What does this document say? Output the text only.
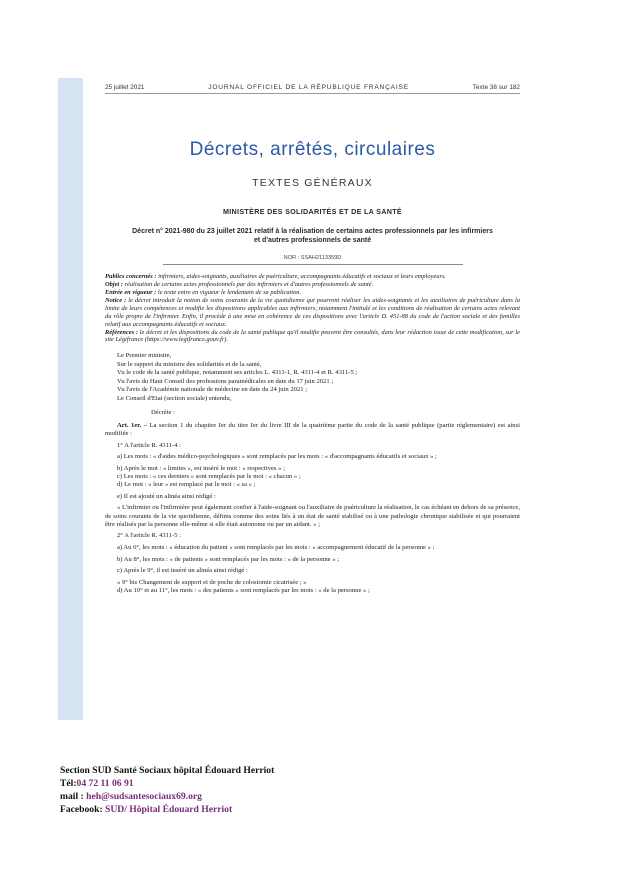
25 juillet 2021	JOURNAL OFFICIEL DE LA RÉPUBLIQUE FRANÇAISE	Texte 38 sur 182
Décrets, arrêtés, circulaires
TEXTES GÉNÉRAUX
MINISTÈRE DES SOLIDARITÉS ET DE LA SANTÉ
Décret n° 2021-980 du 23 juillet 2021 relatif à la réalisation de certains actes professionnels par les infirmiers et d'autres professionnels de santé
NOR : SSAH2113359D

Publics concernés : infirmiers, aides-soignants, auxiliaires de puériculture, accompagnants éducatifs et sociaux et leurs employeurs.

Objet : réalisation de certains actes professionnels par des infirmiers et d'autres professionnels de santé.

Entrée en vigueur : le texte entre en vigueur le lendemain de sa publication.

Notice : le décret introduit la notion de soins courants de la vie quotidienne qui pourront réaliser les aides-soignants et les auxiliaires de puériculture dans la limite de leurs compétences et modifie les dispositions applicables aux infirmiers, notamment l'intitulé et les conditions de réalisation de certains actes relevant du rôle propre de l'infirmier. Enfin, il procède à une mise en cohérence de ces dispositions avec l'article D. 451-88 du code de l'action sociale et des familles relatif aux accompagnants éducatifs et sociaux.

Références : le décret et les dispositions du code de la santé publique qu'il modifie peuvent être consultés, dans leur rédaction issue de cette modification, sur le site Légifrance (https://www.legifrance.gouv.fr).

Le Premier ministre,

Sur le rapport du ministre des solidarités et de la santé,

Vu le code de la santé publique, notamment ses articles L. 4311-1, R. 4311-4 et R. 4311-5 ;

Vu l'avis du Haut Conseil des professions paramédicales en date du 17 juin 2021 ;

Vu l'avis de l'Académie nationale de médecine en date du 24 juin 2021 ;

Le Conseil d'Etat (section sociale) entendu,

Décrète :

Art. 1er. – La section 1 du chapitre Ier du titre Ier du livre III de la quatrième partie du code de la santé publique (partie réglementaire) est ainsi modifiée :

1° A l'article R. 4311-4 :

a) Les mots : « d'aides médico-psychologiques » sont remplacés par les mots : « d'accompagnants éducatifs et sociaux » ;

b) Après le mot : « limites », est inséré le mot : « respectives » ;

c) Les mots : « ces derniers » sont remplacés par le mot : « chacun » ;

d) Le mot : « leur » est remplacé par le mot : « sa » ;

e) Il est ajouté un alinéa ainsi rédigé :

« L'infirmier ou l'infirmière peut également confier à l'aide-soignant ou l'auxiliaire de puériculture la réalisation, le cas échéant en dehors de sa présence, de soins courants de la vie quotidienne, définis comme des soins liés à un état de santé stabilisé ou à une pathologie chronique stabilisée et qui pourraient être réalisés par la personne elle-même si elle était autonome ou par un aidant. » ;

2° A l'article R. 4311-5 :

a) Au 6°, les mots : « éducation du patient » sont remplacés par les mots : « accompagnement éducatif de la personne » ;

b) Au 8°, les mots : « de patients » sont remplacés par les mots : « de la personne » ;

c) Après le 9°, il est inséré un alinéa ainsi rédigé :

« 9° bis Changement de support et de poche de colostomie cicatrisée ; »

d) Au 10° et au 11°, les mots : « des patients » sont remplacés par les mots : « de la personne » ;

Section SUD Santé Sociaux hôpital Édouard Herriot
Tél:04 72 11 06 91
mail : heh@sudsantesociaux69.org
Facebook: SUD/ Hôpital Édouard Herriot
